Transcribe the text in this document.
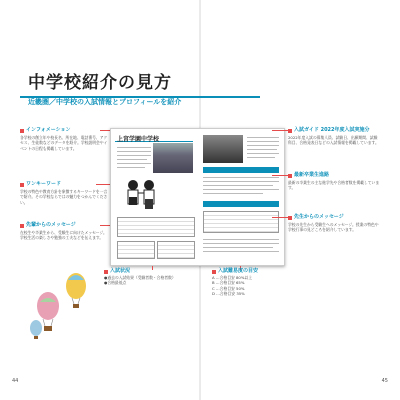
中学校紹介の見方
近畿圏／中学校の入試情報とプロフィールを紹介
インフォメーション
各学校の創立年や校長名、所在地、電話番号、アクセス、生徒数などのデータを紹介。学校説明会やイベントの日程も掲載しています。
ワンキーワード
学校の特色や教育方針を象徴するキーワードを一言で紹介。その学校ならではの魅力をつかんでください。
先輩からのメッセージ
在校生や卒業生から、受験生に向けたメッセージ。学校生活の楽しさや勉強の工夫などを伝えます。
上宮学園中学校
入試ガイド 2022年度入試実施分
2022年度入試の募集人員、試験日、出願期間、試験科目、合格発表日などの入試情報を掲載しています。
最新卒業生進路
最新の卒業生の主な進学先や合格者数を掲載しています。
先生からのメッセージ
学校の先生から受験生へのメッセージ。授業の特色や学校行事の見どころを紹介しています。
入試状況
●過去の入試結果（受験者数・合格者数）
●合格最低点
入試難易度の目安
A …合格目安 80%以上
B …合格目安 65%
C …合格目安 50%
D …合格目安 35%
44	45
